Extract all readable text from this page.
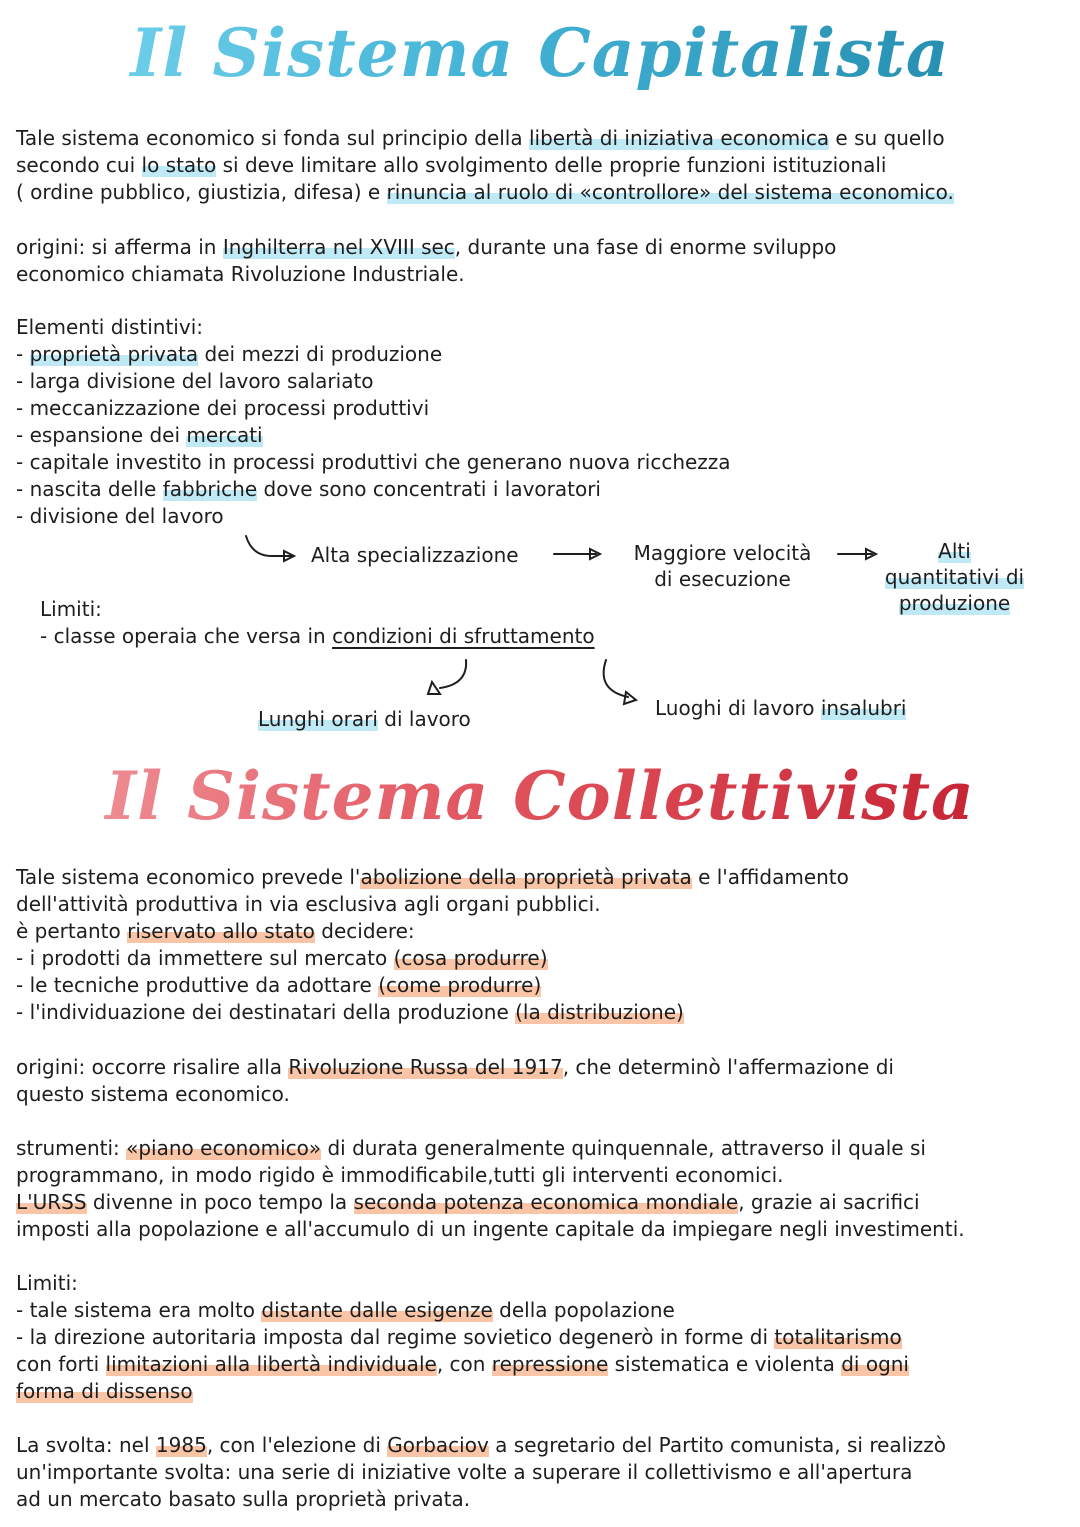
Il Sistema Capitalista
Tale sistema economico si fonda sul principio della libertà di iniziativa economica e su quello
secondo cui lo stato si deve limitare allo svolgimento delle proprie funzioni istituzionali
( ordine pubblico, giustizia, difesa) e rinuncia al ruolo di «controllore» del sistema economico.
origini: si afferma in Inghilterra nel XVIII sec, durante una fase di enorme sviluppo
economico chiamata Rivoluzione Industriale.
Elementi distintivi:
- proprietà privata dei mezzi di produzione
- larga divisione del lavoro salariato
- meccanizzazione dei processi produttivi
- espansione dei mercati
- capitale investito in processi produttivi che generano nuova ricchezza
- nascita delle fabbriche dove sono concentrati i lavoratori
- divisione del lavoro
Alta specializzazione	Maggiore velocità
di esecuzione
Alti
quantitativi di
produzione
Limiti:
- classe operaia che versa in condizioni di sfruttamento
Lunghi orari di lavoro	Luoghi di lavoro insalubri
Il Sistema Collettivista
Tale sistema economico prevede l'abolizione della proprietà privata e l'affidamento
dell'attività produttiva in via esclusiva agli organi pubblici.
è pertanto riservato allo stato decidere:
- i prodotti da immettere sul mercato (cosa produrre)
- le tecniche produttive da adottare (come produrre)
- l'individuazione dei destinatari della produzione (la distribuzione)
origini: occorre risalire alla Rivoluzione Russa del 1917, che determinò l'affermazione di
questo sistema economico.
strumenti: «piano economico» di durata generalmente quinquennale, attraverso il quale si
programmano, in modo rigido è immodificabile,tutti gli interventi economici.
L'URSS divenne in poco tempo la seconda potenza economica mondiale, grazie ai sacrifici
imposti alla popolazione e all'accumulo di un ingente capitale da impiegare negli investimenti.
Limiti:
- tale sistema era molto distante dalle esigenze della popolazione
- la direzione autoritaria imposta dal regime sovietico degenerò in forme di totalitarismo
con forti limitazioni alla libertà individuale, con repressione sistematica e violenta di ogni
forma di dissenso
La svolta: nel 1985, con l'elezione di Gorbaciov a segretario del Partito comunista, si realizzò
un'importante svolta: una serie di iniziative volte a superare il collettivismo e all'apertura
ad un mercato basato sulla proprietà privata.
